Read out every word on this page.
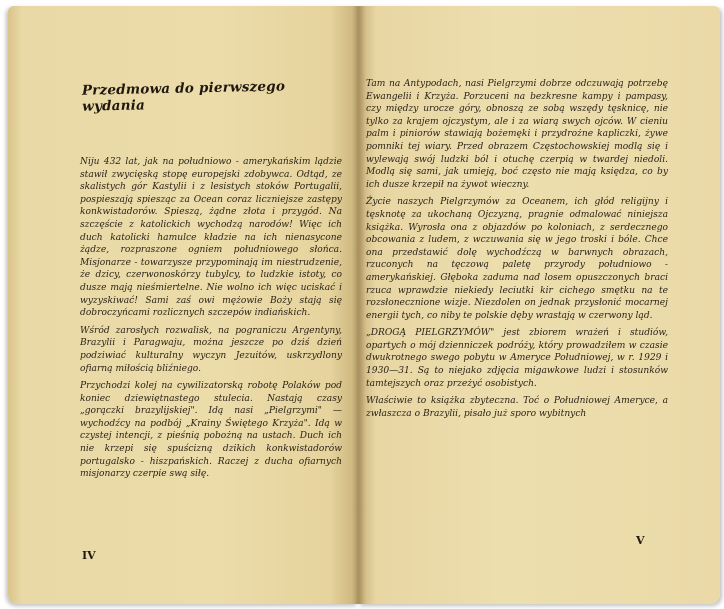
Przedmowa do pierwszego wydania

Niju 432 lat, jak na południowo - amerykańskim lądzie stawił zwycięską stopę europejski zdobywca. Odtąd, ze skalistych gór Kastylii i z lesistych stoków Portugalii, pospieszają spiesząc za Ocean coraz liczniejsze zastępy konkwistadorów. Spieszą, żądne złota i przygód. Na szczęście z katolickich wychodzą narodów! Więc ich duch katolicki hamulce kładzie na ich nienasycone żądze, rozpraszone ogniem południowego słońca. Misjonarze - towarzysze przypominają im niestrudzenie, że dzicy, czerwonoskórzy tubylcy, to ludzkie istoty, co dusze mają nieśmiertelne. Nie wolno ich więc uciskać i wyzyskiwać! Sami zaś owi mężowie Boży stają się dobroczyńcami rozlicznych szczepów indiańskich.

Wśród zarosłych rozwalisk, na pograniczu Argentyny, Brazylii i Paragwaju, można jeszcze po dziś dzień podziwiać kulturalny wyczyn Jezuitów, uskrzydlony ofiarną miłością bliźniego.

Przychodzi kolej na cywilizatorską robotę Polaków pod koniec dziewiętnastego stulecia. Nastają czasy „gorączki brazylijskiej". Idą nasi „Pielgrzymi" — wychodźcy na podbój „Krainy Świętego Krzyża". Idą w czystej intencji, z pieśnią pobożną na ustach. Duch ich nie krzepi się spuścizną dzikich konkwistadorów portugalsko - hiszpańskich. Raczej z ducha ofiarnych misjonarzy czerpie swą siłę.

IV

Tam na Antypodach, nasi Pielgrzymi dobrze odczuwają potrzebę Ewangelii i Krzyża. Porzuceni na bezkresne kampy i pampasy, czy między urocze góry, obnoszą ze sobą wszędy tęsknicę, nie tylko za krajem ojczystym, ale i za wiarą swych ojców. W cieniu palm i piniorów stawiają bożemęki i przydrożne kapliczki, żywe pomniki tej wiary. Przed obrazem Częstochowskiej modlą się i wylewają swój ludzki ból i otuchę czerpią w twardej niedoli. Modlą się sami, jak umieją, boć często nie mają księdza, co by ich dusze krzepił na żywot wieczny.

Życie naszych Pielgrzymów za Oceanem, ich głód religijny i tęsknotę za ukochaną Ojczyzną, pragnie odmalować niniejsza książka. Wyrosła ona z objazdów po koloniach, z serdecznego obcowania z ludem, z wczuwania się w jego troski i bóle. Chce ona przedstawić dolę wychodźczą w barwnych obrazach, rzuconych na tęczową paletę przyrody południowo - amerykańskiej. Głęboka zaduma nad losem opuszczonych braci rzuca wprawdzie niekiedy leciutki kir cichego smętku na te rozsłonecznione wizje. Niezdolen on jednak przysłonić mocarnej energii tych, co niby te polskie dęby wrastają w czerwony ląd.

„DROGĄ PIELGRZYMÓW" jest zbiorem wrażeń i studiów, opartych o mój dzienniczek podróży, który prowadziłem w czasie dwukrotnego swego pobytu w Ameryce Południowej, w r. 1929 i 1930—31. Są to niejako zdjęcia migawkowe ludzi i stosunków tamtejszych oraz przeżyć osobistych.

Właściwie to książka zbyteczna. Toć o Południowej Ameryce, a zwłaszcza o Brazylii, pisało już sporo wybitnych

V
